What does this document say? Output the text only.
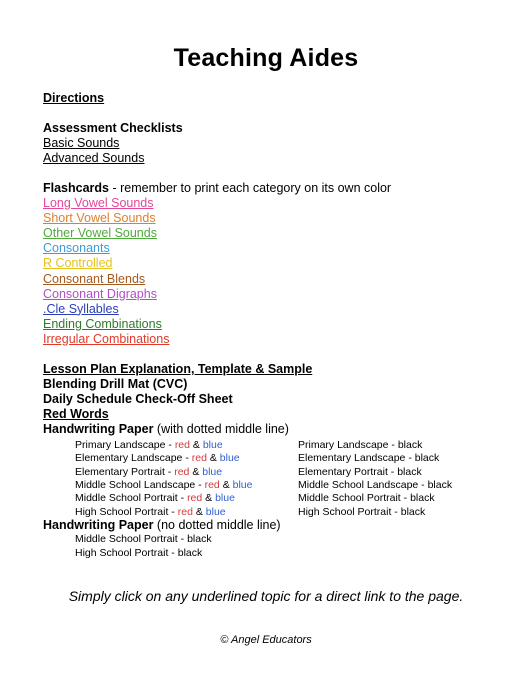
Teaching Aides
Directions
Assessment Checklists
Basic Sounds
Advanced Sounds
Flashcards - remember to print each category on its own color
Long Vowel Sounds
Short Vowel Sounds
Other Vowel Sounds
Consonants
R Controlled
Consonant Blends
Consonant Digraphs
.Cle Syllables
Ending Combinations
Irregular Combinations
Lesson Plan Explanation, Template & Sample
Blending Drill Mat (CVC)
Daily Schedule Check-Off Sheet
Red Words
Handwriting Paper (with dotted middle line)
Primary Landscape - red & blue
Elementary Landscape - red & blue
Elementary Portrait - red & blue
Middle School Landscape - red & blue
Middle School Portrait - red & blue
High School Portrait - red & blue
Primary Landscape - black
Elementary Landscape - black
Elementary Portrait - black
Middle School Landscape - black
Middle School Portrait - black
High School Portrait - black
Handwriting Paper (no dotted middle line)
Middle School Portrait - black
High School Portrait - black
Simply click on any underlined topic for a direct link to the page.
© Angel Educators
